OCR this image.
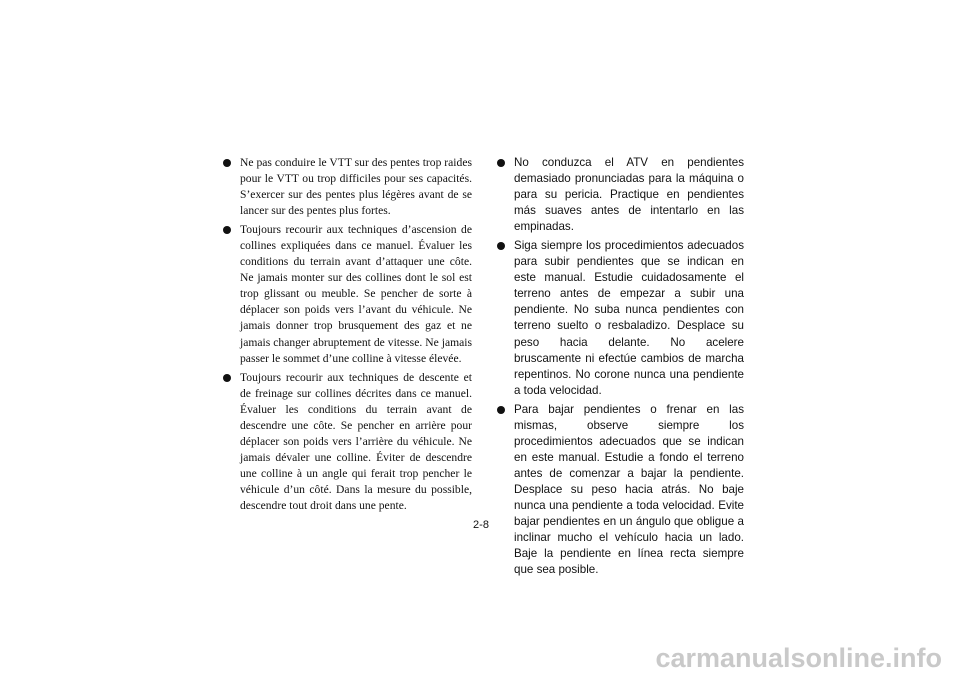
Ne pas conduire le VTT sur des pentes trop raides pour le VTT ou trop difficiles pour ses capacités. S’exercer sur des pentes plus légères avant de se lancer sur des pentes plus fortes.
Toujours recourir aux techniques d’ascension de collines expliquées dans ce manuel. Évaluer les conditions du terrain avant d’attaquer une côte. Ne jamais monter sur des collines dont le sol est trop glissant ou meuble. Se pencher de sorte à déplacer son poids vers l’avant du véhicule. Ne jamais donner trop brusquement des gaz et ne jamais changer abruptement de vitesse. Ne jamais passer le sommet d’une colline à vitesse élevée.
Toujours recourir aux techniques de descente et de freinage sur collines décrites dans ce manuel. Évaluer les conditions du terrain avant de descendre une côte. Se pencher en arrière pour déplacer son poids vers l’arrière du véhicule. Ne jamais dévaler une colline. Éviter de descendre une colline à un angle qui ferait trop pencher le véhicule d’un côté. Dans la mesure du possible, descendre tout droit dans une pente.
No conduzca el ATV en pendientes demasiado pronunciadas para la máquina o para su pericia. Practique en pendientes más suaves antes de intentarlo en las empinadas.
Siga siempre los procedimientos adecuados para subir pendientes que se indican en este manual. Estudie cuidadosamente el terreno antes de empezar a subir una pendiente. No suba nunca pendientes con terreno suelto o resbaladizo. Desplace su peso hacia delante. No acelere bruscamente ni efectúe cambios de marcha repentinos. No corone nunca una pendiente a toda velocidad.
Para bajar pendientes o frenar en las mismas, observe siempre los procedimientos adecuados que se indican en este manual. Estudie a fondo el terreno antes de comenzar a bajar la pendiente. Desplace su peso hacia atrás. No baje nunca una pendiente a toda velocidad. Evite bajar pendientes en un ángulo que obligue a inclinar mucho el vehículo hacia un lado. Baje la pendiente en línea recta siempre que sea posible.
2-8
carmanualsonline.info
